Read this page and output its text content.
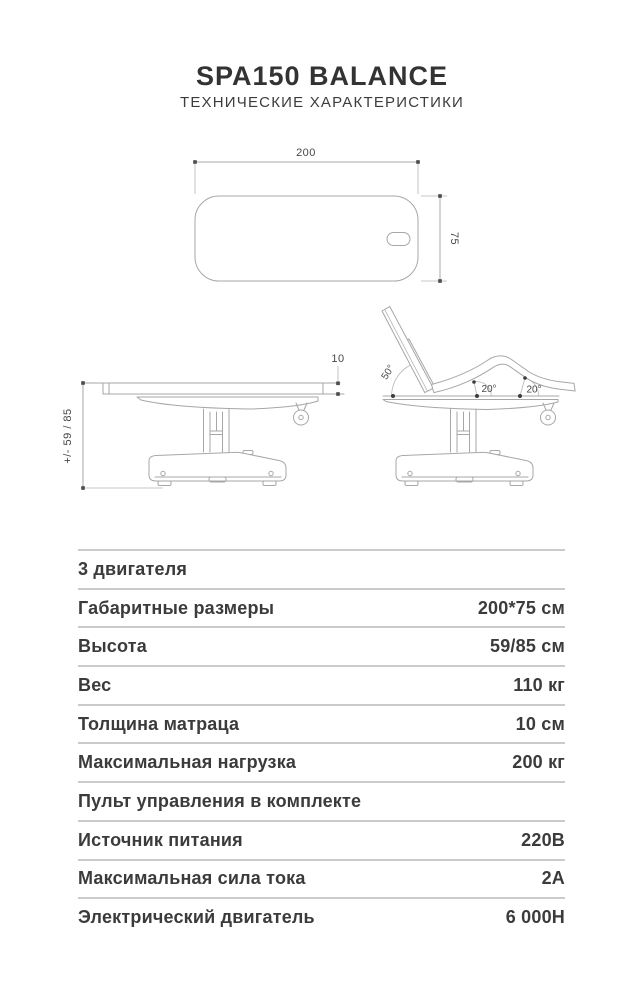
SPA150 BALANCE
ТЕХНИЧЕСКИЕ ХАРАКТЕРИСТИКИ
200
75
10
+/- 59 / 85
50°
20°	20°
3 двигателя
Габаритные размеры	200*75 см
Высота	59/85 см
Вес	110 кг
Толщина матраца	10 см
Максимальная нагрузка	200 кг
Пульт управления в комплекте
Источник питания	220В
Максимальная сила тока	2А
Электрический двигатель	6 000Н
